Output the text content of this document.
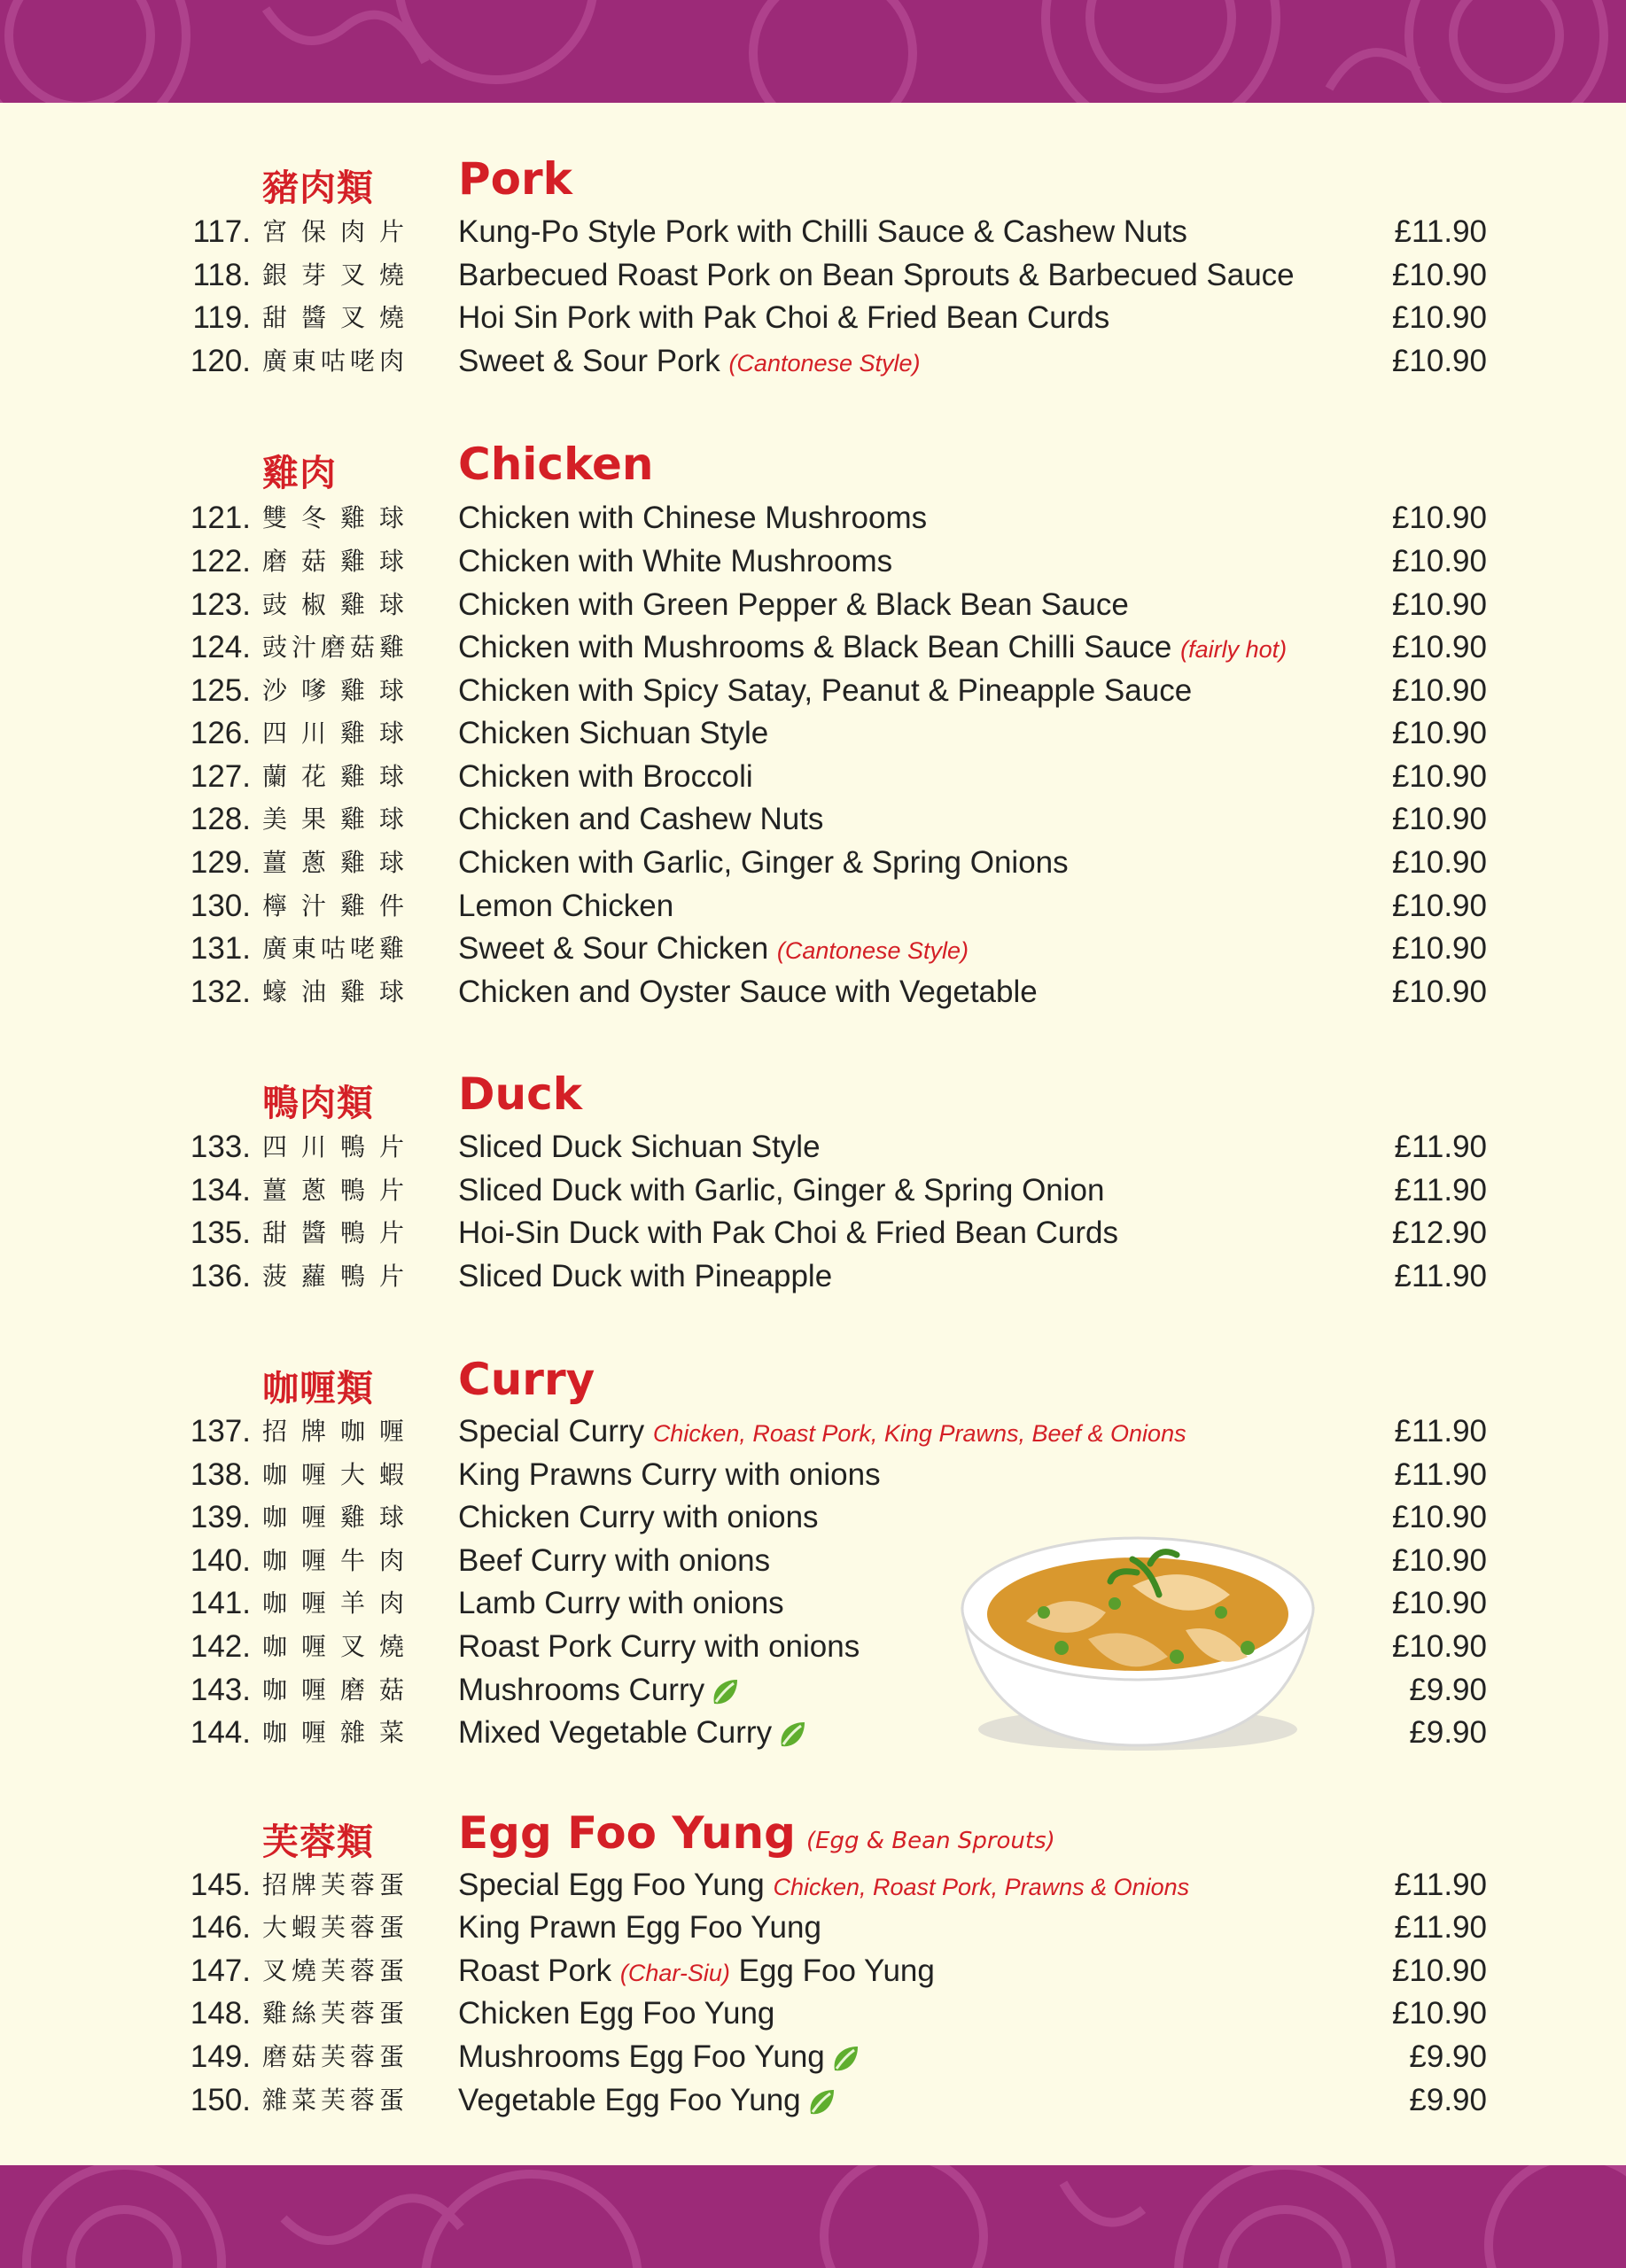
豬肉類 Pork
117. 宮保肉片 Kung-Po Style Pork with Chilli Sauce & Cashew Nuts	£11.90
118. 銀芽叉燒 Barbecued Roast Pork on Bean Sprouts & Barbecued Sauce	£10.90
119. 甜醬叉燒 Hoi Sin Pork with Pak Choi & Fried Bean Curds	£10.90
120. 廣東咕咾肉 Sweet & Sour Pork (Cantonese Style)	£10.90
雞肉	Chicken
121. 雙冬雞球 Chicken with Chinese Mushrooms	£10.90
122. 磨菇雞球 Chicken with White Mushrooms	£10.90
123. 豉椒雞球 Chicken with Green Pepper & Black Bean Sauce	£10.90
124. 豉汁磨菇雞 Chicken with Mushrooms & Black Bean Chilli Sauce (fairly hot)	£10.90
125. 沙嗲雞球 Chicken with Spicy Satay, Peanut & Pineapple Sauce	£10.90
126. 四川雞球 Chicken Sichuan Style	£10.90
127. 蘭花雞球 Chicken with Broccoli	£10.90
128. 美果雞球 Chicken and Cashew Nuts	£10.90
129. 薑蔥雞球 Chicken with Garlic, Ginger & Spring Onions	£10.90
130. 檸汁雞件 Lemon Chicken	£10.90
131. 廣東咕咾雞 Sweet & Sour Chicken (Cantonese Style)	£10.90
132. 蠔油雞球 Chicken and Oyster Sauce with Vegetable	£10.90
鴨肉類 Duck
133. 四川鴨片 Sliced Duck Sichuan Style	£11.90
134. 薑蔥鴨片 Sliced Duck with Garlic, Ginger & Spring Onion	£11.90
135. 甜醬鴨片 Hoi-Sin Duck with Pak Choi & Fried Bean Curds	£12.90
136. 菠蘿鴨片 Sliced Duck with Pineapple	£11.90
咖喱類 Curry
137. 招牌咖喱 Special Curry Chicken, Roast Pork, King Prawns, Beef & Onions	£11.90
138. 咖喱大蝦 King Prawns Curry with onions	£11.90
139. 咖喱雞球 Chicken Curry with onions	£10.90
140. 咖喱牛肉 Beef Curry with onions	£10.90
141. 咖喱羊肉 Lamb Curry with onions	£10.90
142. 咖喱叉燒 Roast Pork Curry with onions	£10.90
143. 咖喱磨菇 Mushrooms Curry	£9.90
144. 咖喱雜菜 Mixed Vegetable Curry	£9.90
芙蓉類 Egg Foo Yung (Egg & Bean Sprouts)
145. 招牌芙蓉蛋 Special Egg Foo Yung Chicken, Roast Pork, Prawns & Onions	£11.90
146. 大蝦芙蓉蛋 King Prawn Egg Foo Yung	£11.90
147. 叉燒芙蓉蛋 Roast Pork (Char-Siu) Egg Foo Yung	£10.90
148. 雞絲芙蓉蛋 Chicken Egg Foo Yung	£10.90
149. 磨菇芙蓉蛋 Mushrooms Egg Foo Yung	£9.90
150. 雜菜芙蓉蛋 Vegetable Egg Foo Yung	£9.90
